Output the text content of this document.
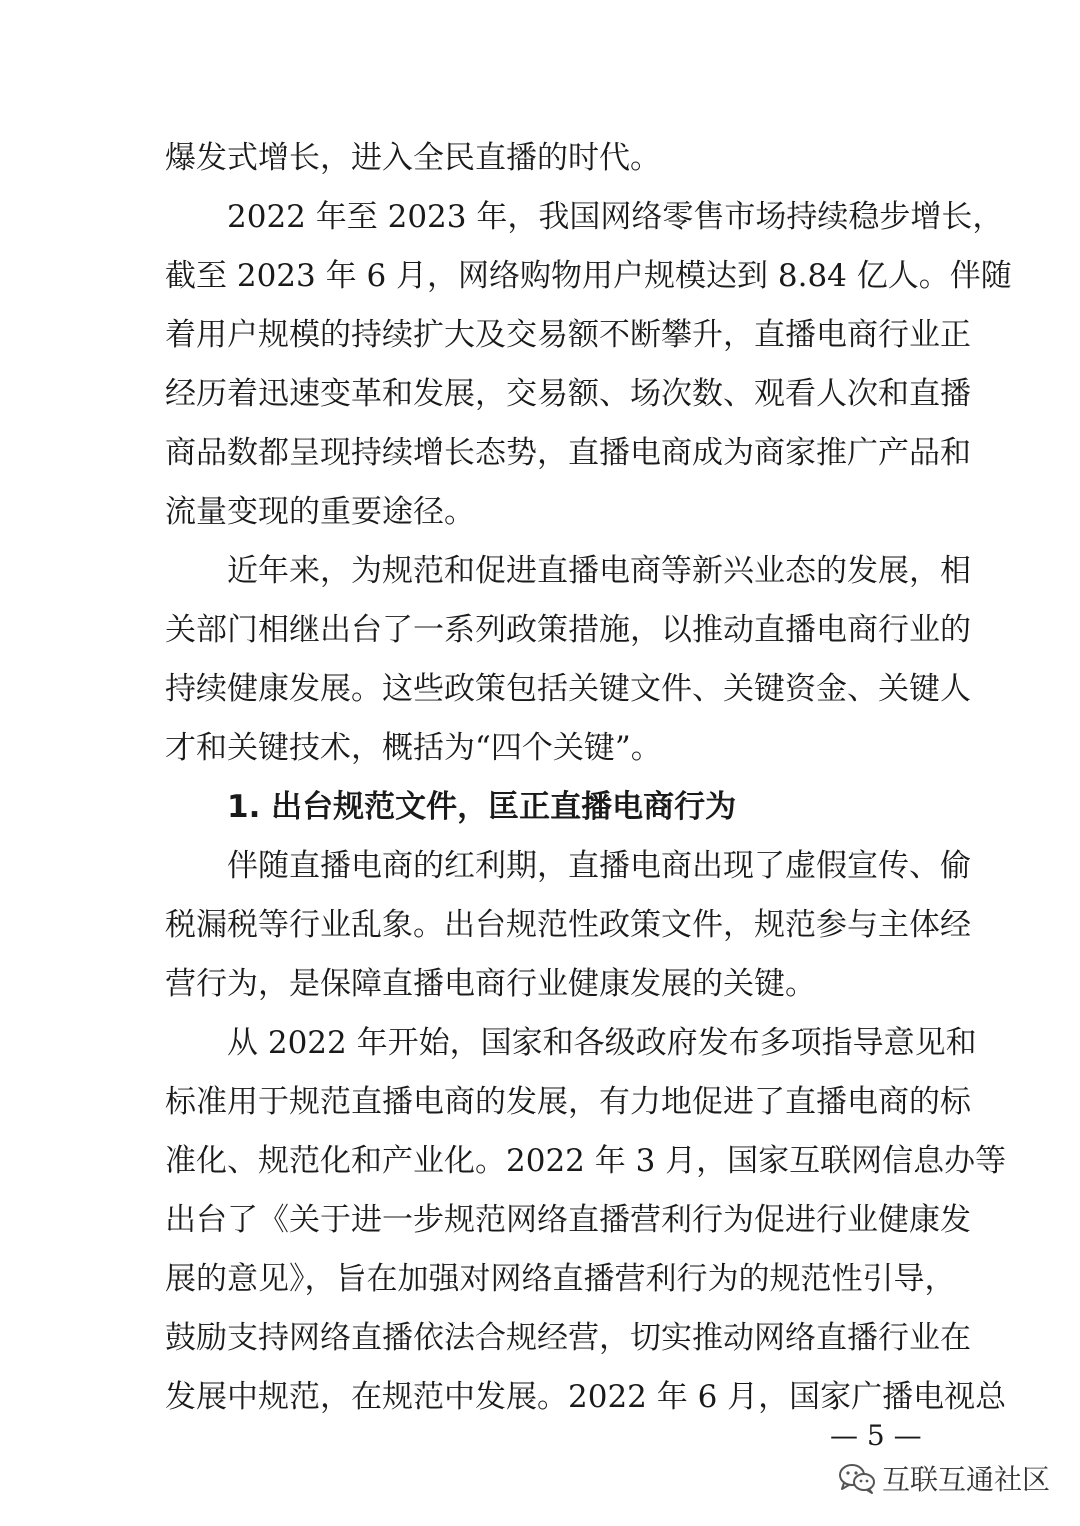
爆发式增长，进入全民直播的时代。
2022 年至 2023 年，我国网络零售市场持续稳步增长，
截至 2023 年 6 月，网络购物用户规模达到 8.84 亿人。伴随
着用户规模的持续扩大及交易额不断攀升，直播电商行业正
经历着迅速变革和发展，交易额、场次数、观看人次和直播
商品数都呈现持续增长态势，直播电商成为商家推广产品和
流量变现的重要途径。
近年来，为规范和促进直播电商等新兴业态的发展，相
关部门相继出台了一系列政策措施，以推动直播电商行业的
持续健康发展。这些政策包括关键文件、关键资金、关键人
才和关键技术，概括为“四个关键”。
1. 出台规范文件，匡正直播电商行为
伴随直播电商的红利期，直播电商出现了虚假宣传、偷
税漏税等行业乱象。出台规范性政策文件，规范参与主体经
营行为，是保障直播电商行业健康发展的关键。
从 2022 年开始，国家和各级政府发布多项指导意见和
标准用于规范直播电商的发展，有力地促进了直播电商的标
准化、规范化和产业化。2022 年 3 月，国家互联网信息办等
出台了《关于进一步规范网络直播营利行为促进行业健康发
展的意见》，旨在加强对网络直播营利行为的规范性引导，
鼓励支持网络直播依法合规经营，切实推动网络直播行业在
发展中规范，在规范中发展。2022 年 6 月，国家广播电视总
— 5 —
互联互通社区
